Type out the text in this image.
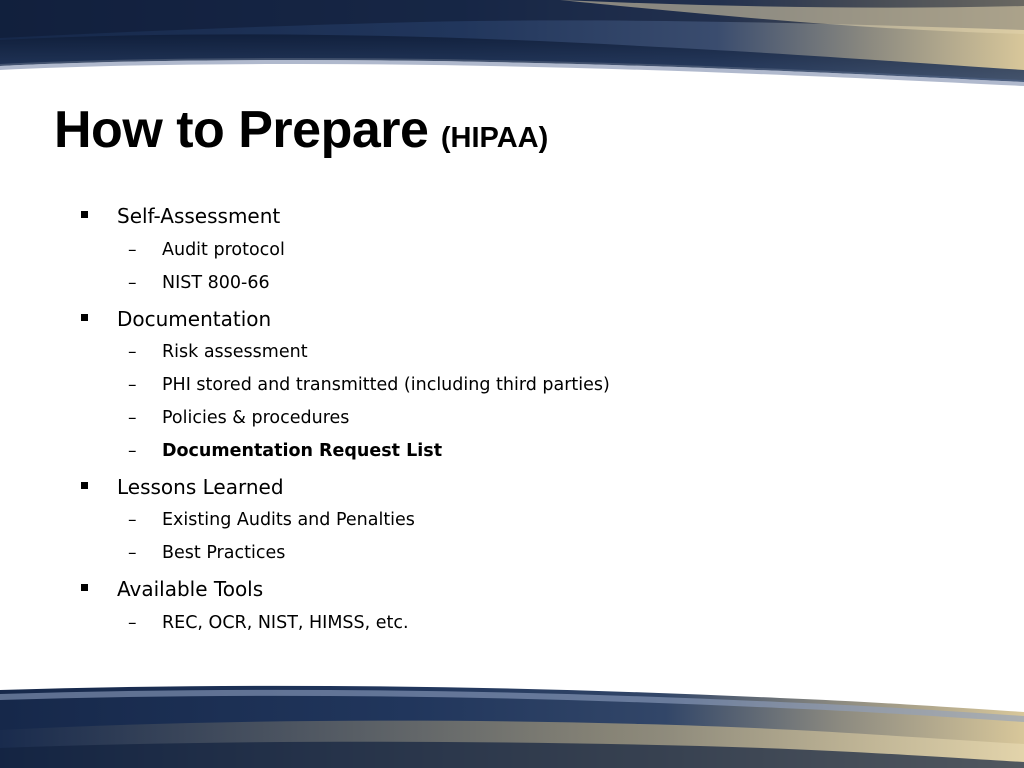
How to Prepare (HIPAA)
Self-Assessment
– Audit protocol
– NIST 800-66
Documentation
– Risk assessment
– PHI stored and transmitted (including third parties)
– Policies & procedures
– Documentation Request List
Lessons Learned
– Existing Audits and Penalties
– Best Practices
Available Tools
– REC, OCR, NIST, HIMSS, etc.
